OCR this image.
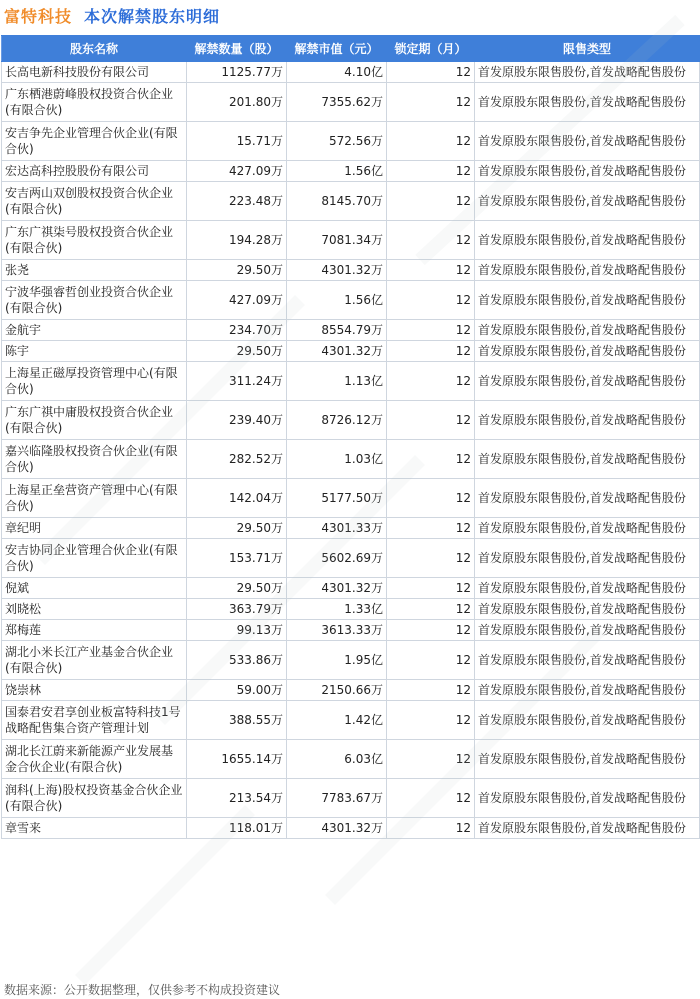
富特科技 本次解禁股东明细
股东名称	解禁数量（股）	解禁市值（元）	锁定期（月）	限售类型
长高电新科技股份有限公司	1125.77万	4.10亿	12	首发原股东限售股份,首发战略配售股份
广东栖港蔚峰股权投资合伙企业(有限合伙)	201.80万	7355.62万	12	首发原股东限售股份,首发战略配售股份
安吉争先企业管理合伙企业(有限合伙)	15.71万	572.56万	12	首发原股东限售股份,首发战略配售股份
宏达高科控股股份有限公司	427.09万	1.56亿	12	首发原股东限售股份,首发战略配售股份
安吉两山双创股权投资合伙企业(有限合伙)	223.48万	8145.70万	12	首发原股东限售股份,首发战略配售股份
广东广祺柒号股权投资合伙企业(有限合伙)	194.28万	7081.34万	12	首发原股东限售股份,首发战略配售股份
张尧	29.50万	4301.32万	12	首发原股东限售股份,首发战略配售股份
宁波华强睿哲创业投资合伙企业(有限合伙)	427.09万	1.56亿	12	首发原股东限售股份,首发战略配售股份
金航宇	234.70万	8554.79万	12	首发原股东限售股份,首发战略配售股份
陈宇	29.50万	4301.32万	12	首发原股东限售股份,首发战略配售股份
上海星正磁厚投资管理中心(有限合伙)	311.24万	1.13亿	12	首发原股东限售股份,首发战略配售股份
广东广祺中庸股权投资合伙企业(有限合伙)	239.40万	8726.12万	12	首发原股东限售股份,首发战略配售股份
嘉兴临隆股权投资合伙企业(有限合伙)	282.52万	1.03亿	12	首发原股东限售股份,首发战略配售股份
上海星正垒营资产管理中心(有限合伙)	142.04万	5177.50万	12	首发原股东限售股份,首发战略配售股份
章纪明	29.50万	4301.33万	12	首发原股东限售股份,首发战略配售股份
安吉协同企业管理合伙企业(有限合伙)	153.71万	5602.69万	12	首发原股东限售股份,首发战略配售股份
倪斌	29.50万	4301.32万	12	首发原股东限售股份,首发战略配售股份
刘晓松	363.79万	1.33亿	12	首发原股东限售股份,首发战略配售股份
郑梅莲	99.13万	3613.33万	12	首发原股东限售股份,首发战略配售股份
湖北小米长江产业基金合伙企业(有限合伙)	533.86万	1.95亿	12	首发原股东限售股份,首发战略配售股份
饶崇林	59.00万	2150.66万	12	首发原股东限售股份,首发战略配售股份
国泰君安君享创业板富特科技1号战略配售集合资产管理计划	388.55万	1.42亿	12	首发原股东限售股份,首发战略配售股份
湖北长江蔚来新能源产业发展基金合伙企业(有限合伙)	1655.14万	6.03亿	12	首发原股东限售股份,首发战略配售股份
润科(上海)股权投资基金合伙企业(有限合伙)	213.54万	7783.67万	12	首发原股东限售股份,首发战略配售股份
章雪来	118.01万	4301.32万	12	首发原股东限售股份,首发战略配售股份
数据来源：公开数据整理，仅供参考不构成投资建议
